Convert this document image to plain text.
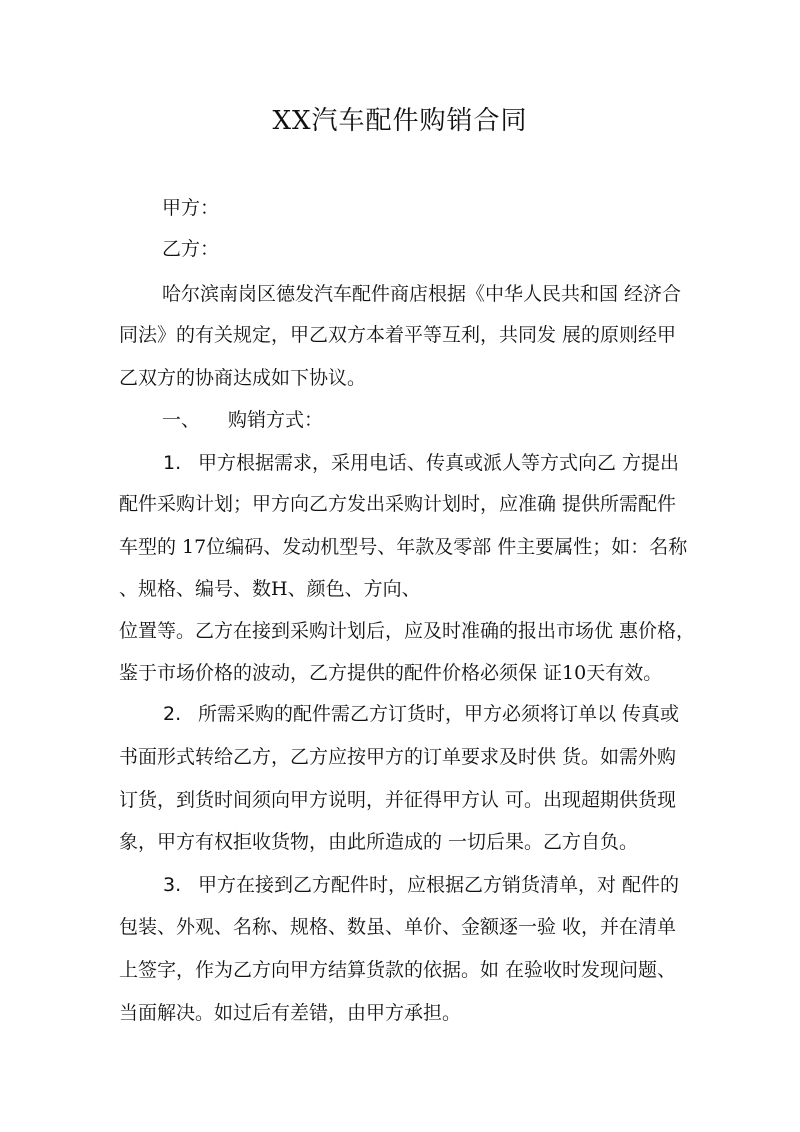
XX汽车配件购销合同
甲方：
乙方：
哈尔滨南岗区德发汽车配件商店根据《中华人民共和国 经济合
同法》的有关规定，甲乙双方本着平等互利，共同发 展的原则经甲
乙双方的协商达成如下协议。
一、 购销方式：
1. 甲方根据需求，采用电话、传真或派人等方式向乙 方提出
配件采购计划；甲方向乙方发出采购计划时，应准确 提供所需配件
车型的 17位编码、发动机型号、年款及零部 件主要属性；如：名称
、规格、编号、数H、颜色、方向、
位置等。乙方在接到采购计划后，应及时准确的报出市场优 惠价格，
鉴于市场价格的波动，乙方提供的配件价格必须保 证10天有效。
2. 所需采购的配件需乙方订货时，甲方必须将订单以 传真或
书面形式转给乙方，乙方应按甲方的订单要求及时供 货。如需外购
订货，到货时间须向甲方说明，并征得甲方认 可。出现超期供货现
象，甲方有权拒收货物，由此所造成的 一切后果。乙方自负。
3. 甲方在接到乙方配件时，应根据乙方销货清单，对 配件的
包装、外观、名称、规格、数虽、单价、金额逐一验 收，并在清单
上签字，作为乙方向甲方结算货款的依据。如 在验收时发现问题、
当面解决。如过后有差错，由甲方承担。
